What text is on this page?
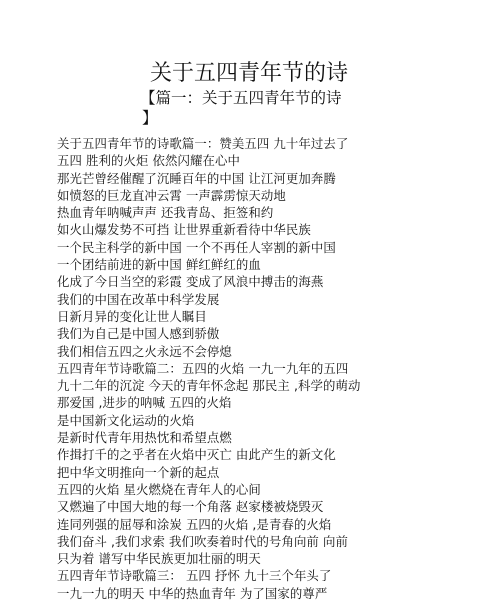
关于五四青年节的诗
【篇一：关于五四青年节的诗
】
关于五四青年节的诗歌篇一：赞美五四 九十年过去了
五四 胜利的火炬 依然闪耀在心中
那光芒曾经催醒了沉睡百年的中国 让江河更加奔腾
如愤怒的巨龙直冲云霄 一声霹雳惊天动地
热血青年呐喊声声 还我青岛、拒签和约
如火山爆发势不可挡 让世界重新看待中华民族
一个民主科学的新中国 一个不再任人宰割的新中国
一个团结前进的新中国 鲜红鲜红的血
化成了今日当空的彩霞 变成了风浪中搏击的海燕
我们的中国在改革中科学发展
日新月异的变化让世人瞩目
我们为自己是中国人感到骄傲
我们相信五四之火永远不会停熄
五四青年节诗歌篇二：五四的火焰 一九一九年的五四
九十二年的沉淀 今天的青年怀念起 那民主 ,科学的萌动
那爱国 ,进步的呐喊 五四的火焰
是中国新文化运动的火焰
是新时代青年用热忱和希望点燃
作揖打千的之乎者在火焰中灭亡 由此产生的新文化
把中华文明推向一个新的起点
五四的火焰 星火燃烧在青年人的心间
又燃遍了中国大地的每一个角落 赵家楼被烧毁灭
连同列强的屈辱和涂炭 五四的火焰 ,是青春的火焰
我们奋斗 ,我们求索 我们吹奏着时代的号角向前 向前
只为着 谱写中华民族更加壮丽的明天
五四青年节诗歌篇三： 五四 抒怀 九十三个年头了
一九一九的明天 中华的热血青年 为了国家的尊严
